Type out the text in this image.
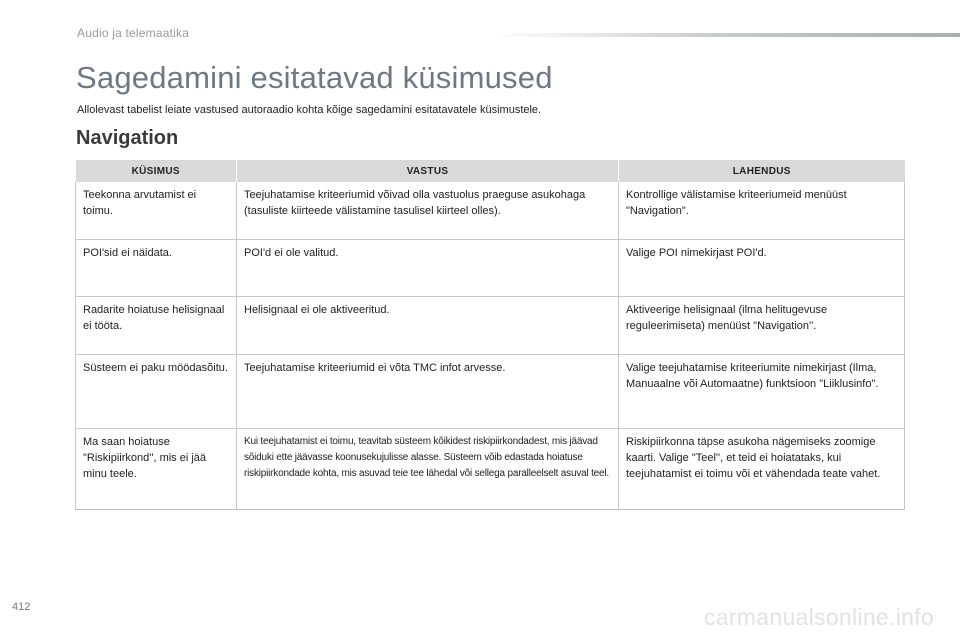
Audio ja telemaatika
Sagedamini esitatavad küsimused

Allolevast tabelist leiate vastused autoraadio kohta kõige sagedamini esitatavatele küsimustele.

Navigation
KÜSIMUS	VASTUS	LAHENDUS
Teekonna arvutamist ei toimu.	Teejuhatamise kriteeriumid võivad olla vastuolus praeguse asukohaga (tasuliste kiirteede välistamine tasulisel kiirteel olles).	Kontrollige välistamise kriteeriumeid menüüst "Navigation".
POI'sid ei näidata.	POI'd ei ole valitud.	Valige POI nimekirjast POI'd.
Radarite hoiatuse helisignaal ei tööta.	Helisignaal ei ole aktiveeritud.	Aktiveerige helisignaal (ilma helitugevuse reguleerimiseta) menüüst "Navigation''.
Süsteem ei paku möödasõitu.	Teejuhatamise kriteeriumid ei võta TMC infot arvesse.	Valige teejuhatamise kriteeriumite nimekirjast (Ilma, Manuaalne või Automaatne) funktsioon "Liiklusinfo".
Ma saan hoiatuse "Riskipiirkond'', mis ei jää minu teele.	Kui teejuhatamist ei toimu, teavitab süsteem kõikidest riskipiirkondadest, mis jäävad sõiduki ette jäävasse koonusekujulisse alasse. Süsteem võib edastada hoiatuse riskipiirkondade kohta, mis asuvad teie tee lähedal või sellega paralleelselt asuval teel.	Riskipiirkonna täpse asukoha nägemiseks zoomige kaarti. Valige "Teel'', et teid ei hoiatataks, kui teejuhatamist ei toimu või et vähendada teate vahet.
412	carmanualsonline.info
